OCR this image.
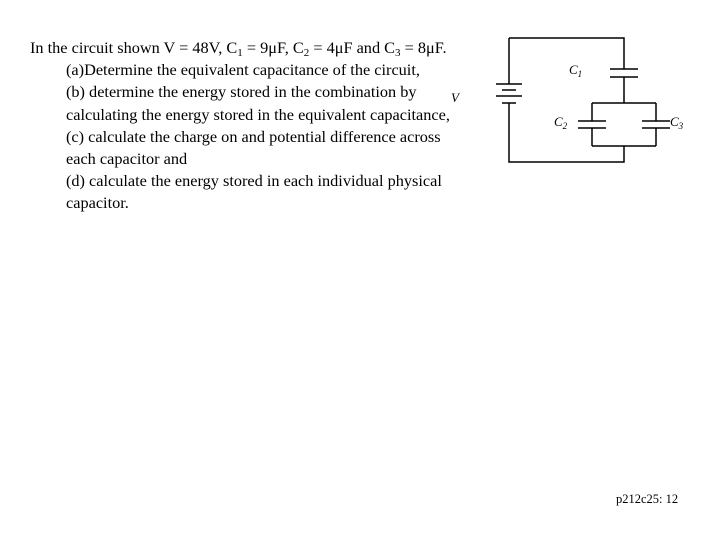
In the circuit shown V = 48V, $C_1 = 9\mu F$, $C_2 = 4\mu F$ and $C_3 = 8\mu F$.

(a)Determine the equivalent capacitance of the circuit,

(b) determine the energy stored in the combination by calculating the energy stored in the equivalent capacitance,

(c) calculate the charge on and potential difference across each capacitor and

(d) calculate the energy stored in each individual physical capacitor.

V
$C_1$
$C_2$	$C_3$
p212c25: 12
